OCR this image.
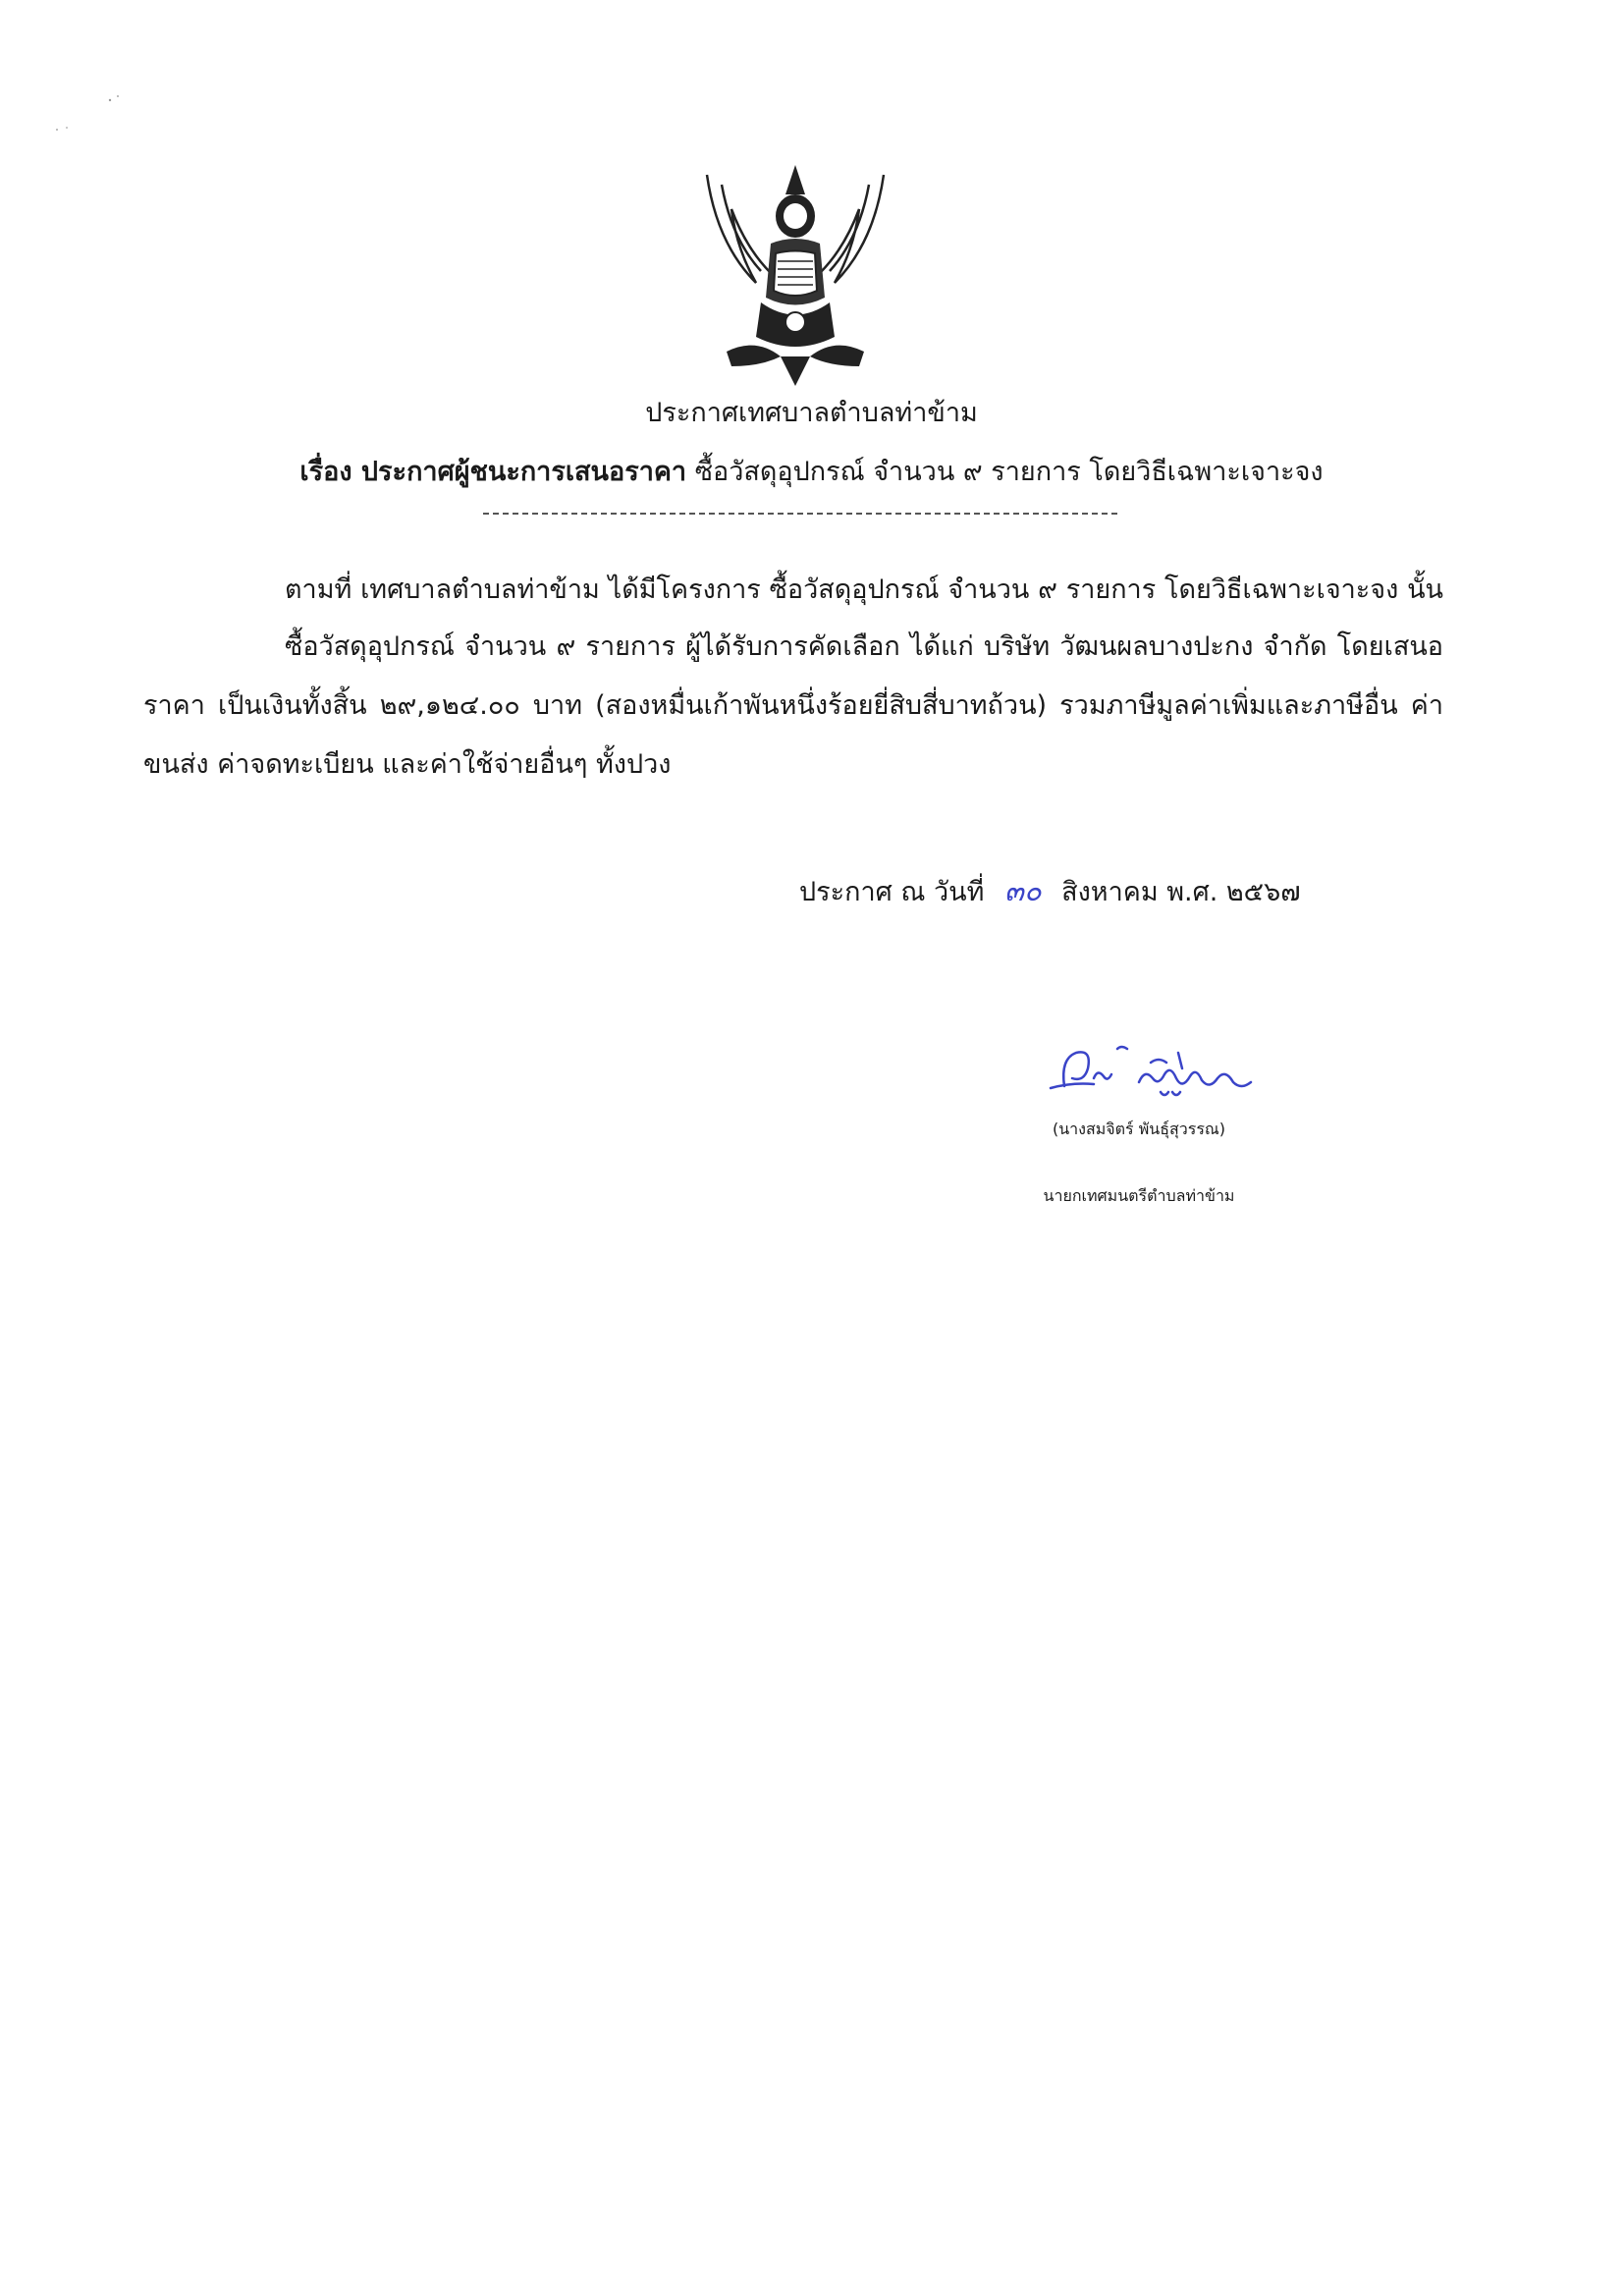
ประกาศเทศบาลตำบลท่าข้าม
เรื่อง ประกาศผู้ชนะการเสนอราคา ซื้อวัสดุอุปกรณ์ จำนวน ๙ รายการ โดยวิธีเฉพาะเจาะจง
ตามที่ เทศบาลตำบลท่าข้าม ได้มีโครงการ ซื้อวัสดุอุปกรณ์ จำนวน ๙ รายการ โดยวิธีเฉพาะเจาะจง นั้น
ซื้อวัสดุอุปกรณ์ จำนวน ๙ รายการ ผู้ได้รับการคัดเลือก ได้แก่ บริษัท วัฒนผลบางปะกง จำกัด โดยเสนอ
ราคา เป็นเงินทั้งสิ้น ๒๙,๑๒๔.๐๐ บาท (สองหมื่นเก้าพันหนึ่งร้อยยี่สิบสี่บาทถ้วน) รวมภาษีมูลค่าเพิ่มและภาษีอื่น ค่า
ขนส่ง ค่าจดทะเบียน และค่าใช้จ่ายอื่นๆ ทั้งปวง
ประกาศ ณ วันที่ ๓๐ สิงหาคม พ.ศ. ๒๕๖๗
(นางสมจิตร์ พันธุ์สุวรรณ)
นายกเทศมนตรีตำบลท่าข้าม
